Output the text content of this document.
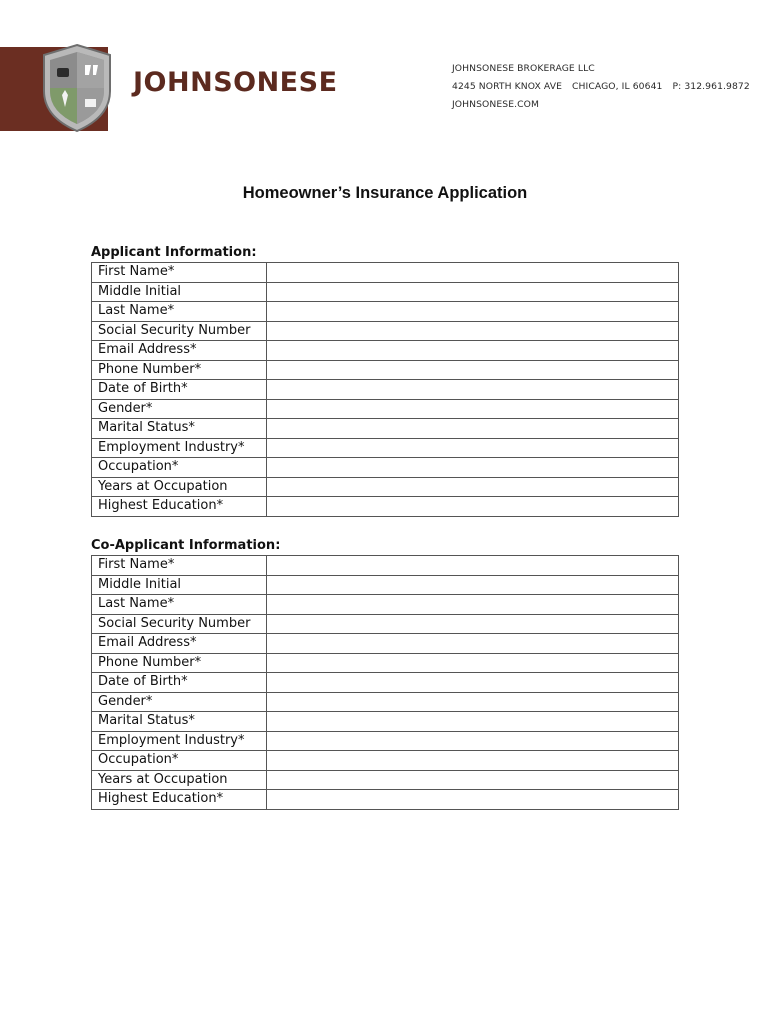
JOHNSONESE	JOHNSONESE BROKERAGE LLC
4245 NORTH KNOX AVE CHICAGO, IL 60641 P: 312.961.9872
JOHNSONESE.COM
Homeowner’s Insurance Application
Applicant Information:
First Name*	
Middle Initial	
Last Name*	
Social Security Number	
Email Address*	
Phone Number*	
Date of Birth*	
Gender*	
Marital Status*	
Employment Industry*	
Occupation*	
Years at Occupation	
Highest Education*	
Co-Applicant Information:
First Name*	
Middle Initial	
Last Name*	
Social Security Number	
Email Address*	
Phone Number*	
Date of Birth*	
Gender*	
Marital Status*	
Employment Industry*	
Occupation*	
Years at Occupation	
Highest Education*	
